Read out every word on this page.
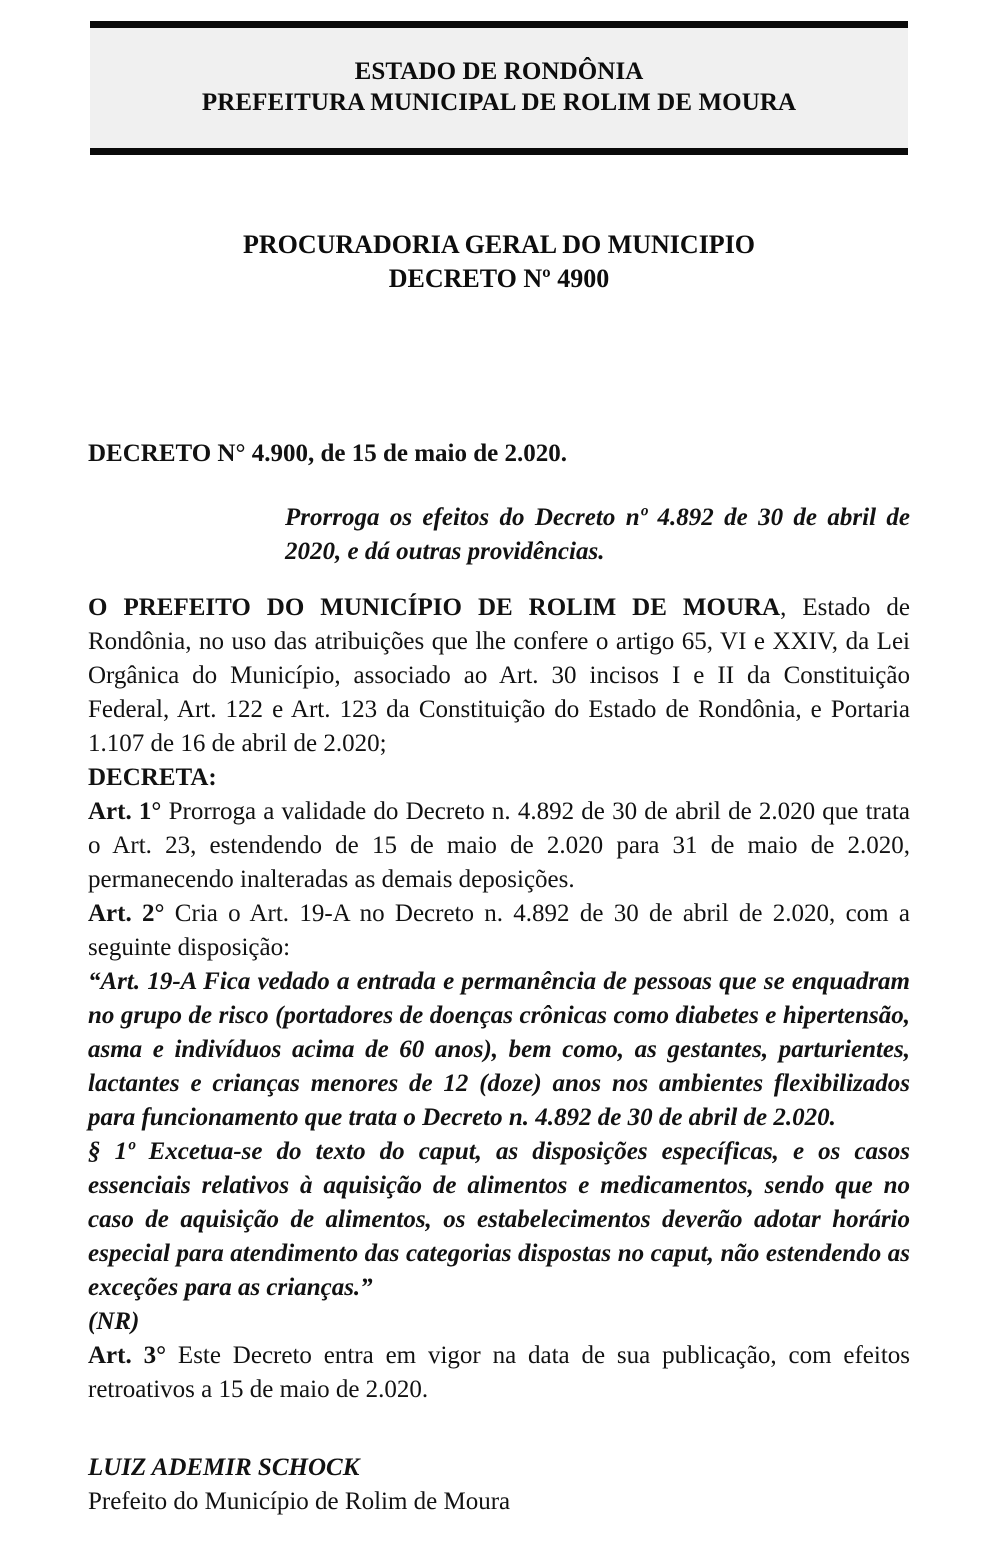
ESTADO DE RONDÔNIA
PREFEITURA MUNICIPAL DE ROLIM DE MOURA
PROCURADORIA GERAL DO MUNICIPIO
DECRETO Nº 4900

DECRETO N° 4.900, de 15 de maio de 2.020.

Prorroga os efeitos do Decreto nº 4.892 de 30 de abril de 2020, e dá outras providências.

O PREFEITO DO MUNICÍPIO DE ROLIM DE MOURA, Estado de Rondônia, no uso das atribuições que lhe confere o artigo 65, VI e XXIV, da Lei Orgânica do Município, associado ao Art. 30 incisos I e II da Constituição Federal, Art. 122 e Art. 123 da Constituição do Estado de Rondônia, e Portaria 1.107 de 16 de abril de 2.020;

DECRETA:

Art. 1° Prorroga a validade do Decreto n. 4.892 de 30 de abril de 2.020 que trata o Art. 23, estendendo de 15 de maio de 2.020 para 31 de maio de 2.020, permanecendo inalteradas as demais deposições.

Art. 2° Cria o Art. 19-A no Decreto n. 4.892 de 30 de abril de 2.020, com a seguinte disposição:

“Art. 19-A Fica vedado a entrada e permanência de pessoas que se enquadram no grupo de risco (portadores de doenças crônicas como diabetes e hipertensão, asma e indivíduos acima de 60 anos), bem como, as gestantes, parturientes, lactantes e crianças menores de 12 (doze) anos nos ambientes flexibilizados para funcionamento que trata o Decreto n. 4.892 de 30 de abril de 2.020.

§ 1º Excetua-se do texto do caput, as disposições específicas, e os casos essenciais relativos à aquisição de alimentos e medicamentos, sendo que no caso de aquisição de alimentos, os estabelecimentos deverão adotar horário especial para atendimento das categorias dispostas no caput, não estendendo as exceções para as crianças.”

(NR)

Art. 3° Este Decreto entra em vigor na data de sua publicação, com efeitos retroativos a 15 de maio de 2.020.

LUIZ ADEMIR SCHOCK

Prefeito do Município de Rolim de Moura
